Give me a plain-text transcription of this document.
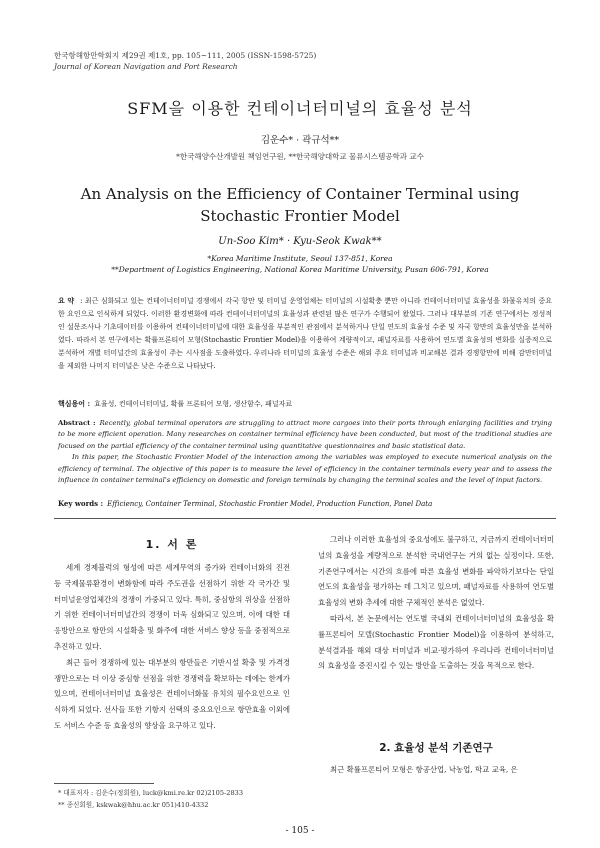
한국항해항만학회지 제29권 제1호, pp. 105~111, 2005 (ISSN-1598-5725)
Journal of Korean Navigation and Port Research
SFM을 이용한 컨테이너터미널의 효율성 분석
김운수* · 곽규석**
*한국해양수산개발원 책임연구원, **한국해양대학교 물류시스템공학과 교수
An Analysis on the Efficiency of Container Terminal using
Stochastic Frontier Model
Un-Soo Kim* · Kyu-Seok Kwak**
*Korea Maritime Institute, Seoul 137-851, Korea
**Department of Logistics Engineering, National Korea Maritime University, Pusan 606-791, Korea
요 약 : 최근 심화되고 있는 컨테이너터미널 경쟁에서 각국 항만 및 터미널 운영업체는 터미널의 시설확충 뿐만 아니라 컨테이너터미널 효율성을 화물유치의 중요한 요인으로 인식하게 되었다. 이러한 환경변화에 따라 컨테이너터미널의 효율성과 관련된 많은 연구가 수행되어 왔었다. 그러나 대부분의 기존 연구에서는 정성적인 설문조사나 기초데이터를 이용하여 컨테이너터미널에 대한 효율성을 부분적인 관점에서 분석하거나 단일 연도의 효율성 수준 및 자국 항만의 효율성만을 분석하였다. 따라서 본 연구에서는 확률프론티어 모형(Stochastic Frontier Model)을 이용하여 계량적이고, 패널자료를 사용하여 연도별 효율성의 변화를 실증적으로 분석하여 개별 터미널간의 효율성이 주는 시사점을 도출하였다. 우리나라 터미널의 효율성 수준은 해외 주요 터미널과 비교해본 결과 경쟁항만에 비해 감만터미널을 제외한 나머지 터미널은 낮은 수준으로 나타났다.
핵심용어 : 효율성, 컨테이너터미널, 확률 프론티어 모형, 생산함수, 패널자료

Abstract : Recently, global terminal operators are struggling to attract more cargoes into their ports through enlarging facilities and trying to be more efficient operation. Many researches on container terminal efficiency have been conducted, but most of the traditional studies are focused on the partial efficiency of the container terminal using quantitative questionnaires and basic statistical data.

In this paper, the Stochastic Frontier Model of the interaction among the variables was employed to execute numerical analysis on the efficiency of terminal. The objective of this paper is to measure the level of efficiency in the container terminals every year and to assess the influence in container terminal's efficiency on domestic and foreign terminals by changing the terminal scales and the level of input factors.

Key words : Efficiency, Container Terminal, Stochastic Frontier Model, Production Function, Panel Data
1. 서 론

세계 경제블럭의 형성에 따른 세계무역의 증가와 컨테이너화의 진전 등 국제물류환경이 변화함에 따라 주도권을 선점하기 위한 각 국가간 및 터미널운영업체간의 경쟁이 가중되고 있다. 특히, 중심항의 위상을 선점하기 위한 컨테이너터미널간의 경쟁이 더욱 심화되고 있으며, 이에 대한 대응방안으로 항만의 시설확충 및 화주에 대한 서비스 향상 등을 중점적으로 추진하고 있다.

최근 들어 경쟁하에 있는 대부분의 항만들은 기반시설 확충 및 가격경쟁만으로는 더 이상 중심항 선점을 위한 경쟁력을 확보하는 데에는 한계가 있으며, 컨테이너터미널 효율성은 컨테이너화물 유치의 필수요인으로 인식하게 되었다. 선사들 또한 기항지 선택의 중요요인으로 항만효율 이외에도 서비스 수준 등 효율성의 향상을 요구하고 있다.

그러나 이러한 효율성의 중요성에도 불구하고, 지금까지 컨테이너터미널의 효율성을 계량적으로 분석한 국내연구는 거의 없는 실정이다. 또한, 기존연구에서는 시간의 흐름에 따른 효율성 변화를 파악하기보다는 단일 연도의 효율성을 평가하는 데 그치고 있으며, 패널자료를 사용하여 연도별 효율성의 변화 추세에 대한 구체적인 분석은 없었다.

따라서, 본 논문에서는 연도별 국내외 컨테이너터미널의 효율성을 확률프론티어 모델(Stochastic Frontier Model)을 이용하여 분석하고, 분석결과를 해외 대상 터미널과 비교·평가하여 우리나라 컨테이너터미널의 효율성을 증진시킬 수 있는 방안을 도출하는 것을 목적으로 한다.

2. 효율성 분석 기존연구
최근 확률프론티어 모형은 항공산업, 낙농업, 학교 교육, 은
* 대표저자 : 김운수(정회원), luck@kmi.re.kr 02)2105-2833
** 종신회원, kskwak@hhu.ac.kr 051)410-4332
- 105 -
